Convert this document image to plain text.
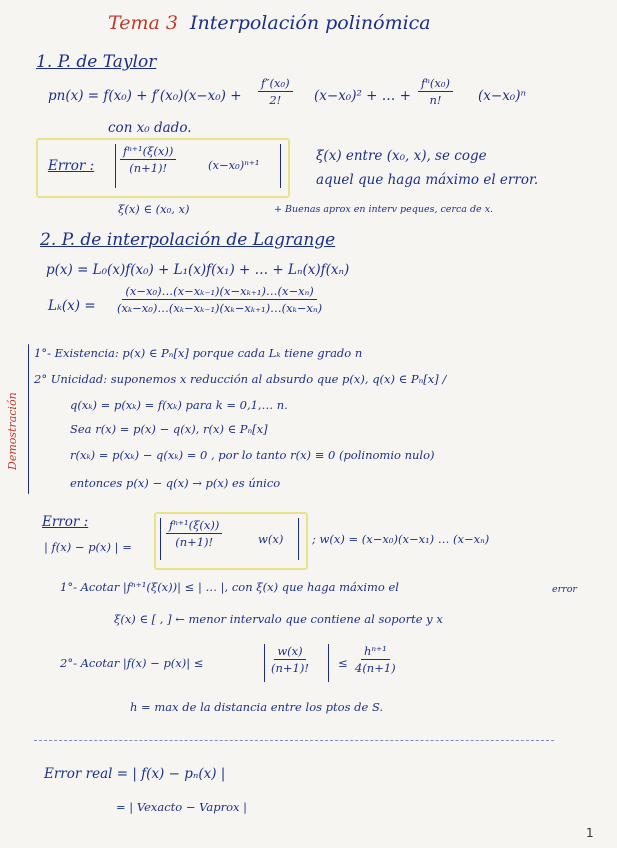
Tema 3 Interpolación polinómica
1. P. de Taylor
$pn(x) = f(x_0) + f'(x_0)(x-x_0) + \frac{\text{f″(x₀)}}{2!} (x-x_0)^2$ + … + $\frac{\text{fⁿ(x₀)}}{n!} (x-x_0)^n$
con x₀ dado.
Error : $\frac{\text{fⁿ⁺¹(ξ(x))}}{(n+1)!}$	(x−x₀)ⁿ⁺¹
ξ(x) entre (x₀, x), se coge
aquel que haga máximo el error.
ξ(x) ∈ (x₀, x)	+ Buenas aprox en interv peques, cerca de x.
2. P. de interpolación de Lagrange
p(x) = L₀(x)f(x₀) + L₁(x)f(x₁) + … + Lₙ(x)f(xₙ)
$L_k(x) = \frac{\text{(x−x₀)…(x−xₖ₋₁)(x−xₖ₊₁)…(x−xₙ)}}{\text{(xₖ−x₀)…(xₖ−xₖ₋₁)(xₖ−xₖ₊₁)…(xₖ−xₙ)}}$
Demostración
1°- Existencia: p(x) ∈ Pₙ[x] porque cada Lₖ tiene grado n
2° Unicidad: suponemos x reducción al absurdo que p(x), q(x) ∈ Pₙ[x] /
q(xₖ) = p(xₖ) = f(xₖ) para k = 0,1,… n.
Sea r(x) = p(x) − q(x), r(x) ∈ Pₙ[x]
r(xₖ) = p(xₖ) − q(xₖ) = 0 , por lo tanto r(x) ≡ 0 (polinomio nulo)
entonces p(x) − q(x) → p(x) es único
Error :
| f(x) − p(x) | =	$\frac{\text{fⁿ⁺¹(ξ(x))}}{(n+1)!}$	w(x) ; w(x) = (x−x₀)(x−x₁) … (x−xₙ)
1°- Acotar |fⁿ⁺¹(ξ(x))| ≤ | … |, con ξ(x) que haga máximo el	error
ξ(x) ∈ [ , ] ← menor intervalo que contiene al soporte y x
2°- Acotar |f(x) − p(x)| ≤	$\frac{w(x)}{(n+1)!} \le \frac{\text{hⁿ⁺¹}}{4(n+1)}$
h = max de la distancia entre los ptos de S.
Error real = | f(x) − pₙ(x) |
= | Vexacto − Vaprox |
1
